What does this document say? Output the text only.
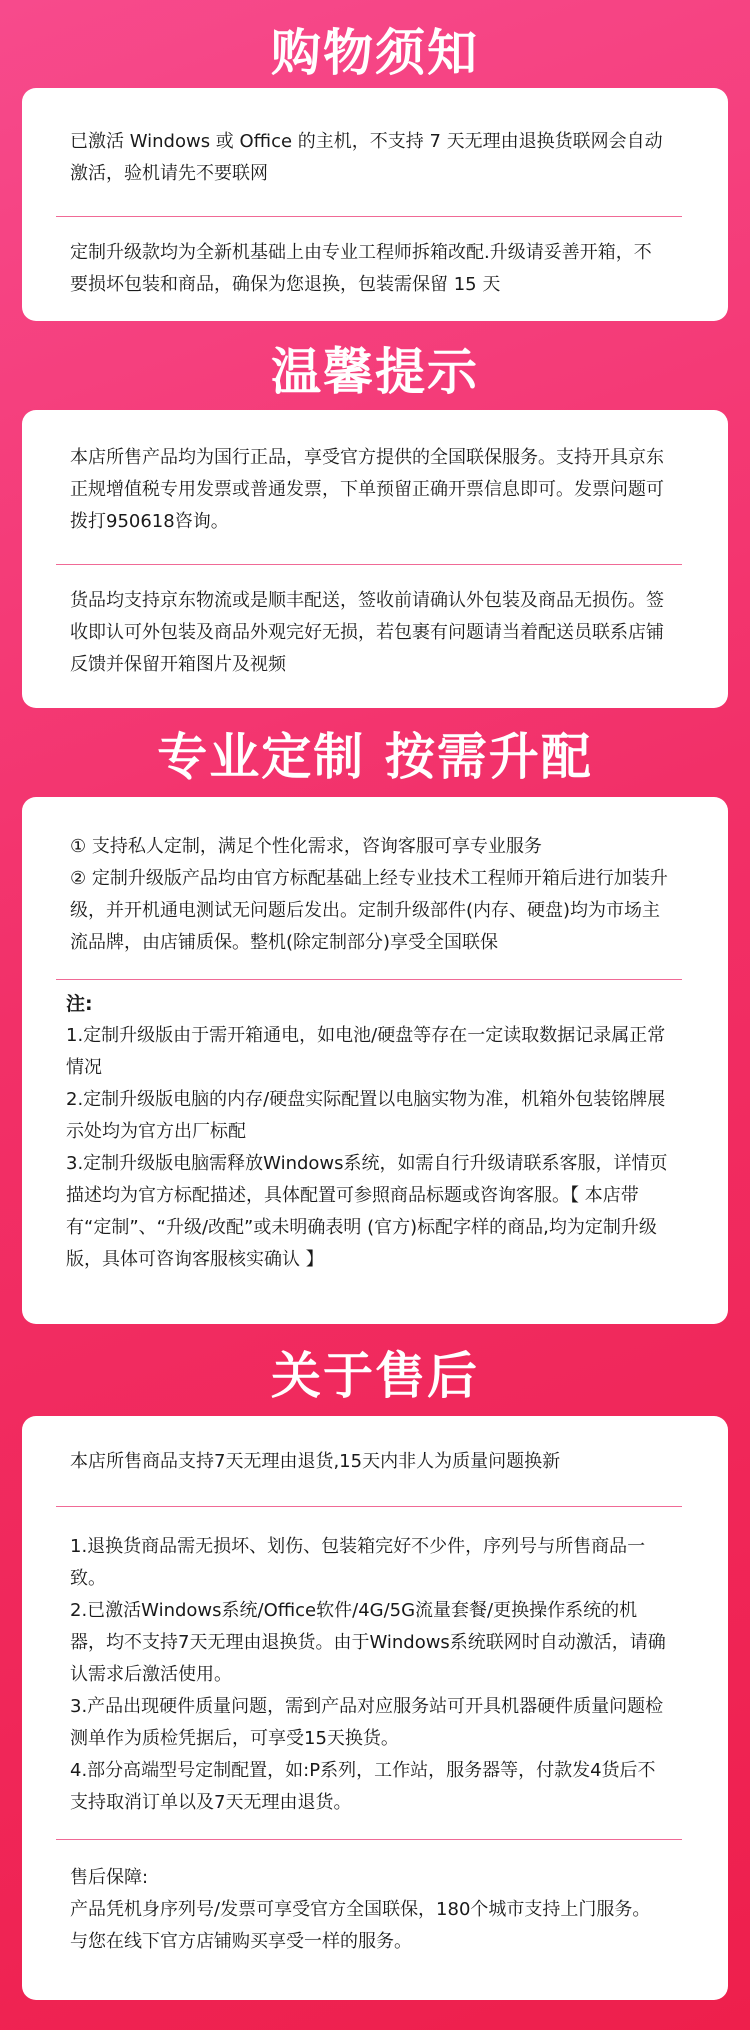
购物须知

已激活 Windows 或 Office 的主机，不支持 7 天无理由退换货联网会自动激活，验机请先不要联网

定制升级款均为全新机基础上由专业工程师拆箱改配.升级请妥善开箱，不要损坏包装和商品，确保为您退换，包装需保留 15 天

温馨提示

本店所售产品均为国行正品，享受官方提供的全国联保服务。支持开具京东正规增值税专用发票或普通发票，下单预留正确开票信息即可。发票问题可拨打950618咨询。

货品均支持京东物流或是顺丰配送，签收前请确认外包装及商品无损伤。签收即认可外包装及商品外观完好无损，若包裹有问题请当着配送员联系店铺反馈并保留开箱图片及视频

专业定制 按需升配

① 支持私人定制，满足个性化需求，咨询客服可享专业服务

② 定制升级版产品均由官方标配基础上经专业技术工程师开箱后进行加装升级，并开机通电测试无问题后发出。定制升级部件(内存、硬盘)均为市场主流品牌，由店铺质保。整机(除定制部分)享受全国联保

注:

1.定制升级版由于需开箱通电，如电池/硬盘等存在一定读取数据记录属正常情况

2.定制升级版电脑的内存/硬盘实际配置以电脑实物为准，机箱外包装铭牌展示处均为官方出厂标配

3.定制升级版电脑需释放Windows系统，如需自行升级请联系客服，详情页描述均为官方标配描述，具体配置可参照商品标题或咨询客服。【 本店带有“定制”、“升级/改配”或未明确表明 (官方)标配字样的商品,均为定制升级版，具体可咨询客服核实确认 】

关于售后

本店所售商品支持7天无理由退货,15天内非人为质量问题换新

1.退换货商品需无损坏、划伤、包装箱完好不少件，序列号与所售商品一致。

2.已激活Windows系统/Office软件/4G/5G流量套餐/更换操作系统的机器，均不支持7天无理由退换货。由于Windows系统联网时自动激活，请确认需求后激活使用。

3.产品出现硬件质量问题，需到产品对应服务站可开具机器硬件质量问题检测单作为质检凭据后，可享受15天换货。

4.部分高端型号定制配置，如:P系列，工作站，服务器等，付款发4货后不支持取消订单以及7天无理由退货。

售后保障:

产品凭机身序列号/发票可享受官方全国联保，180个城市支持上门服务。与您在线下官方店铺购买享受一样的服务。
